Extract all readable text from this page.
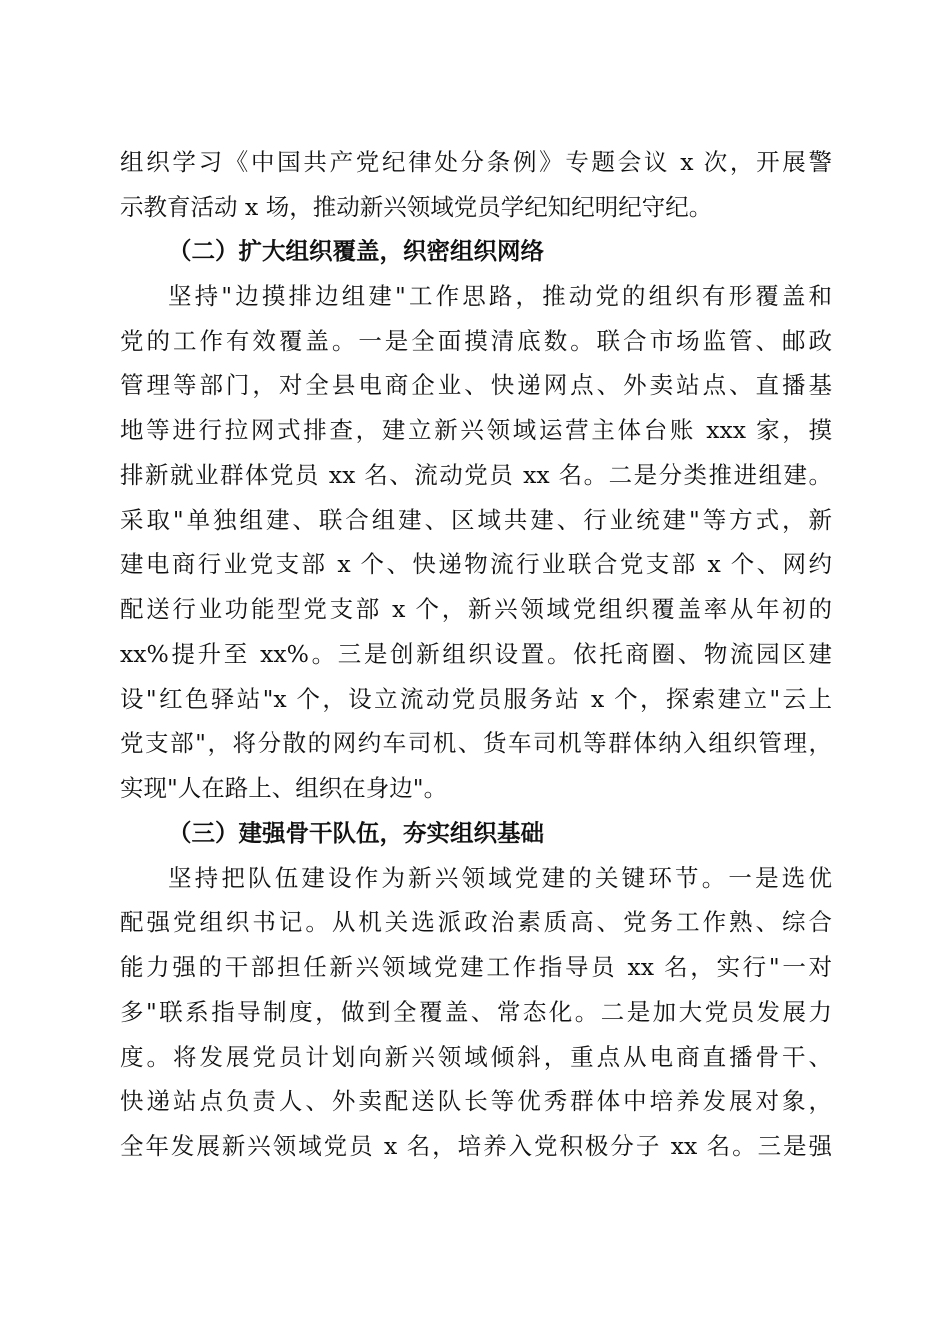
组织学习《中国共产党纪律处分条例》专题会议 x 次，开展警
示教育活动 x 场，推动新兴领域党员学纪知纪明纪守纪。
（二）扩大组织覆盖，织密组织网络
坚持"边摸排边组建"工作思路，推动党的组织有形覆盖和
党的工作有效覆盖。一是全面摸清底数。联合市场监管、邮政
管理等部门，对全县电商企业、快递网点、外卖站点、直播基
地等进行拉网式排查，建立新兴领域运营主体台账 xxx 家，摸
排新就业群体党员 xx 名、流动党员 xx 名。二是分类推进组建。
采取"单独组建、联合组建、区域共建、行业统建"等方式，新
建电商行业党支部 x 个、快递物流行业联合党支部 x 个、网约
配送行业功能型党支部 x 个，新兴领域党组织覆盖率从年初的
xx%提升至 xx%。三是创新组织设置。依托商圈、物流园区建
设"红色驿站"x 个，设立流动党员服务站 x 个，探索建立"云上
党支部"，将分散的网约车司机、货车司机等群体纳入组织管理，
实现"人在路上、组织在身边"。
（三）建强骨干队伍，夯实组织基础
坚持把队伍建设作为新兴领域党建的关键环节。一是选优
配强党组织书记。从机关选派政治素质高、党务工作熟、综合
能力强的干部担任新兴领域党建工作指导员 xx 名，实行"一对
多"联系指导制度，做到全覆盖、常态化。二是加大党员发展力
度。将发展党员计划向新兴领域倾斜，重点从电商直播骨干、
快递站点负责人、外卖配送队长等优秀群体中培养发展对象，
全年发展新兴领域党员 x 名，培养入党积极分子 xx 名。三是强
